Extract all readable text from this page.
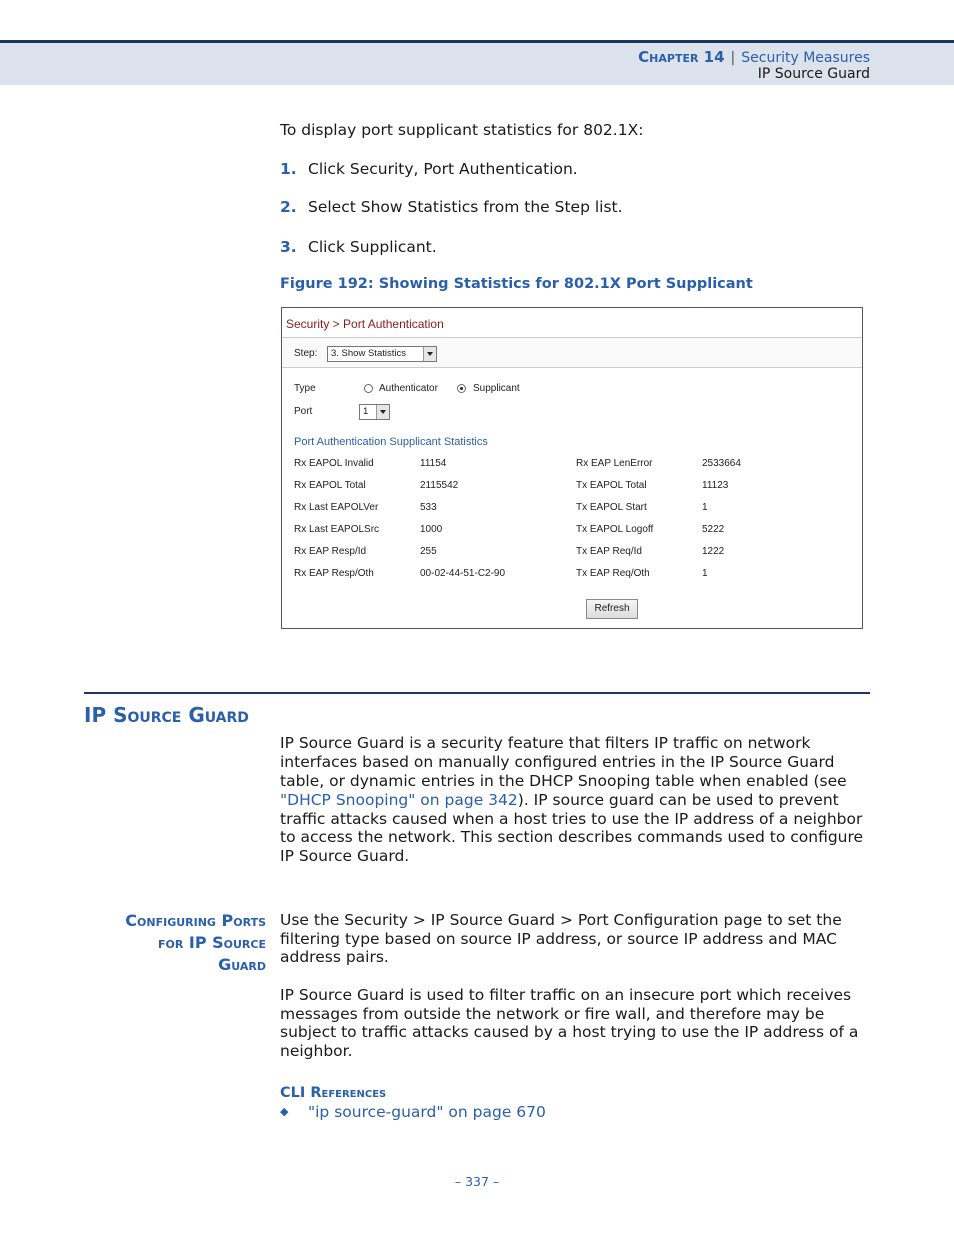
Chapter 14 | Security Measures
IP Source Guard
To display port supplicant statistics for 802.1X:
1. Click Security, Port Authentication.
2. Select Show Statistics from the Step list.
3. Click Supplicant.
Figure 192: Showing Statistics for 802.1X Port Supplicant
Security > Port Authentication
Step:	3. Show Statistics
Type	Authenticator	Supplicant
Port	1
Port Authentication Supplicant Statistics
Rx EAPOL Invalid	11154	Rx EAP LenError	2533664
Rx EAPOL Total	2115542	Tx EAPOL Total	11123
Rx Last EAPOLVer	533	Tx EAPOL Start	1
Rx Last EAPOLSrc	1000	Tx EAPOL Logoff	5222
Rx EAP Resp/Id	255	Tx EAP Req/Id	1222
Rx EAP Resp/Oth	00-02-44-51-C2-90	Tx EAP Req/Oth	1
Refresh
IP Source Guard
IP Source Guard is a security feature that filters IP traffic on network
interfaces based on manually configured entries in the IP Source Guard
table, or dynamic entries in the DHCP Snooping table when enabled (see
"DHCP Snooping" on page 342). IP source guard can be used to prevent
traffic attacks caused when a host tries to use the IP address of a neighbor
to access the network. This section describes commands used to configure
IP Source Guard.
Configuring Ports
for IP Source
Guard
Use the Security > IP Source Guard > Port Configuration page to set the
filtering type based on source IP address, or source IP address and MAC
address pairs.
IP Source Guard is used to filter traffic on an insecure port which receives
messages from outside the network or fire wall, and therefore may be
subject to traffic attacks caused by a host trying to use the IP address of a
neighbor.
CLI References
◆ "ip source-guard" on page 670
– 337 –
